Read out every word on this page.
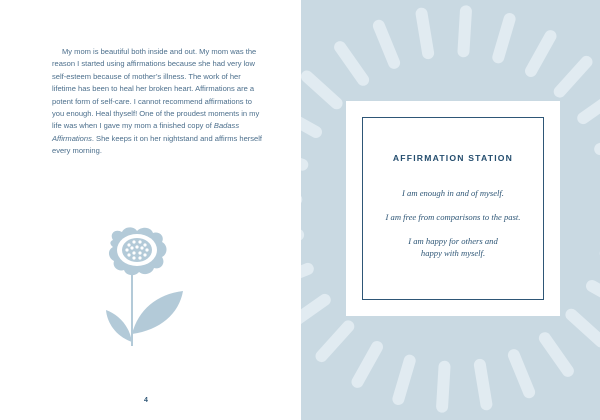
My mom is beautiful both inside and out. My mom was the reason I started using affirmations because she had very low self-esteem because of mother’s illness. The work of her lifetime has been to heal her broken heart. Affirmations are a potent form of self-care. I cannot recommend affirmations to you enough. Heal thyself! One of the proudest moments in my life was when I gave my mom a finished copy of Badass Affirmations. She keeps it on her nightstand and affirms herself every morning.

4
AFFIRMATION STATION
I am enough in and of myself.
I am free from comparisons to the past.
I am happy for others and happy with myself.
